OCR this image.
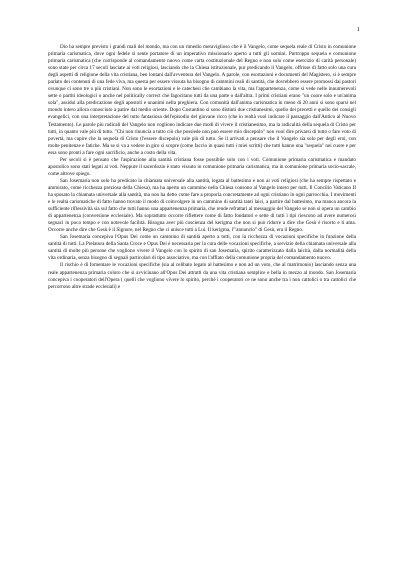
1

Dio ha sempre previsto i grandi mali del mondo, ma con un rimedio meraviglioso che è il Vangelo, come sequela reale di Cristo in comunione primaria carismatica, dove ogni fedele si sente portatore di un imperativo missionario aperto a tutti gli uomini. Purtroppo sequela e comunione primaria carismatica (che corrisponde al comandamento nuovo come carta costituzionale del Regno e non solo come esercizio di carità personale) sono state per circa 17 secoli lasciate ai voti religiosi, lasciando che la Chiesa istituzionale, pur predicando il Vangelo, offrisse di fatto solo una cura degli aspetti di religione della vita cristiana, ben lontani dall'avventura del Vangelo. A parole, con esortazioni e documenti del Magistero, si è sempre parlato dei contenuti di una fede viva, ma questa per essere vissuta ha bisogno di cammini reali di santità, che dovrebbero essere promossi dai pastori ovunque ci sono tre o più cristiani. Non sono le esortazioni e le catechesi che cambiano la vita, ma l'appartenenza, come si vede nelle innumerevoli sette o partiti ideologici o anche nel politically correct che fagocitano tutti da una parte o dall'altra. I primi cristiani erano "un cuore solo e un'anima sola", assidui alla predicazione degli apostoli e unanimi nella preghiera. Con comunità dall'anima carismatica in meno di 20 anni si sono sparsi nel mondo intero allora conosciuto a patire dal medio oriente. Dopo Costantino si sono distinti due cristianesimi, quello dei precetti e quello dei consigli evangelici, con una interpretazione del tutto fantasiosa dell'episodio del giovane ricco (che in realtà vuol indicare il passaggio dall'Antico al Nuovo Testamento). Le parole più radicali del Vangelo non vogliono indicare due modi di vivere il cristianesimo, ma la radicalità della sequela di Cristo per tutti, in quanto vale più di tutto. "Chi non rinuncia a tutto ciò che possiede non può essere mio discepolo" non vuol dire privarsi di tutto o fare voto di povertà, ma capire che la sequela di Cristo (l'essere discepolo) vale più di tutto. Se il arrivati a pensare che il Vangelo sia solo per degli eroi, con molte penitenze e fatiche. Ma se si va a vedere in giro si scopre (come faccio in quasi tutti i miei scritti) che tutti hanno una "sequela" nei cuore e per essa sono pronti a fare ogni sacrificio, anche a costo della vita.

Per secoli si è pensato che l'aspirazione alla santità cristiana fosse possibile solo con i voti. Comunione primaria carismatica e mandato apostolico sono stati legati ai voti. Neppure il sacerdozio è stato vissuto in comunione primaria carismatica, ma in comunione primaria socio-sacrale, come altrove spiego.

San Josemaría non solo ha predicato la chiamata universale alla santità, legata al battesimo e non ai voti religiosi (che ha sempre rispettato e ammirato, come ricchezza preziosa della Chiesa), ma ha aperto un cammino nella Chiesa consono al Vangelo intero per tutti. Il Concilio Vaticano II ha sposato la chiamata universale alla santità, ma non ha detto come fare a proporla concretamente ad ogni cristiano in ogni parrocchia. I movimenti e le realtà carismatiche di fatto hanno trovato il modo di coinvolgere in un cammino di santità tanti laici, a partire dal battesimo, ma manca ancora la sufficiente riflessività sia sul fatto che tutti hanno una appartenenza primaria, che rende refrattari al messaggio del Vangelo se non si opera un cambio di appartenenza (conversione ecclesiale). Ma soprattutto occorre riflettere come di fatto fondatori e sette di tutti i tipi riescono ad avere numerosi seguaci in poco tempo e con notevole facilità. Bisogna aver più coscienza del kerigma che non si può ridurre a dire che Gesù è risorto e ti ama. Occorre anche dire che Gesù è il Signore, nel Regno che ci unisce tutti a Lui. Il kerigma, l'"annuncio" di Gesù, era il Regno.

San Josemaría concepiva l'Opus Dei come un cammino di santità aperto a tutti, con la ricchezza di vocazioni specifiche in funzione della santità di tutti. La Prelatura della Santa Croce e Opus Dei è necessaria per la cura delle vocazioni specifiche, a servizio della chiamata universale alla santità di molte più persone che vogliono vivere il Vangelo con lo spirito di san Josemaría, spirito caratterizzato dalla laicità, dalla normalità della vita ordinaria, senza bisogno di segnali particolari di tipo associativo, ma con l'afflato della comunione propria del comandamento nuovo.

Il rischio è di fomentare le vocazioni specifiche (sia al celibato legato al battesimo e non ad un voto, che al matrimonio) lasciando senza una reale appartenenza primaria coloro che si avvicinano all'Opus Dei attratti da una vita cristiana semplice e bella in mezzo al mondo. San Josemaría concepiva i cooperatori dell'Opera ( quelli che vogliono vivere lo spirito, perché i cooperatori ce ne sono anche tra i non cattolici o tra cattolici che percorrono altre strade ecclesiali) e
